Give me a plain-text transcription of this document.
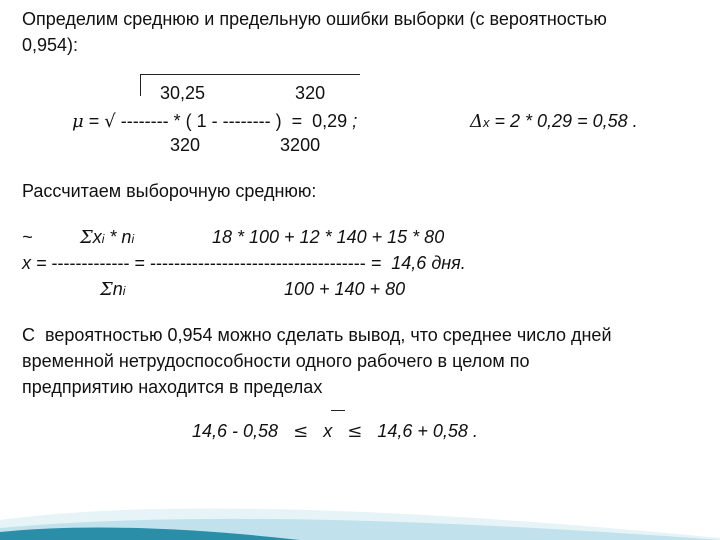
Определим среднюю и предельную ошибки выборки (с вероятностью
0,954):
30,25                  320
μ = √ -------- * ( 1 - -------- )  =  0,29 ;
320                3200
Δx = 2 * 0,29 = 0,58 .
Рассчитаем выборочную среднюю:
~	Σxi * ni	18 * 100 + 12 * 140 + 15 * 80
x = ------------- = ------------------------------------ =  14,6 дня.
Σni	100 + 140 + 80
С  вероятностью 0,954 можно сделать вывод, что среднее число дней
временной нетрудоспособности одного рабочего в целом по
предприятию находится в пределах
14,6 - 0,58 ≤ x ≤ 14,6 + 0,58 .
